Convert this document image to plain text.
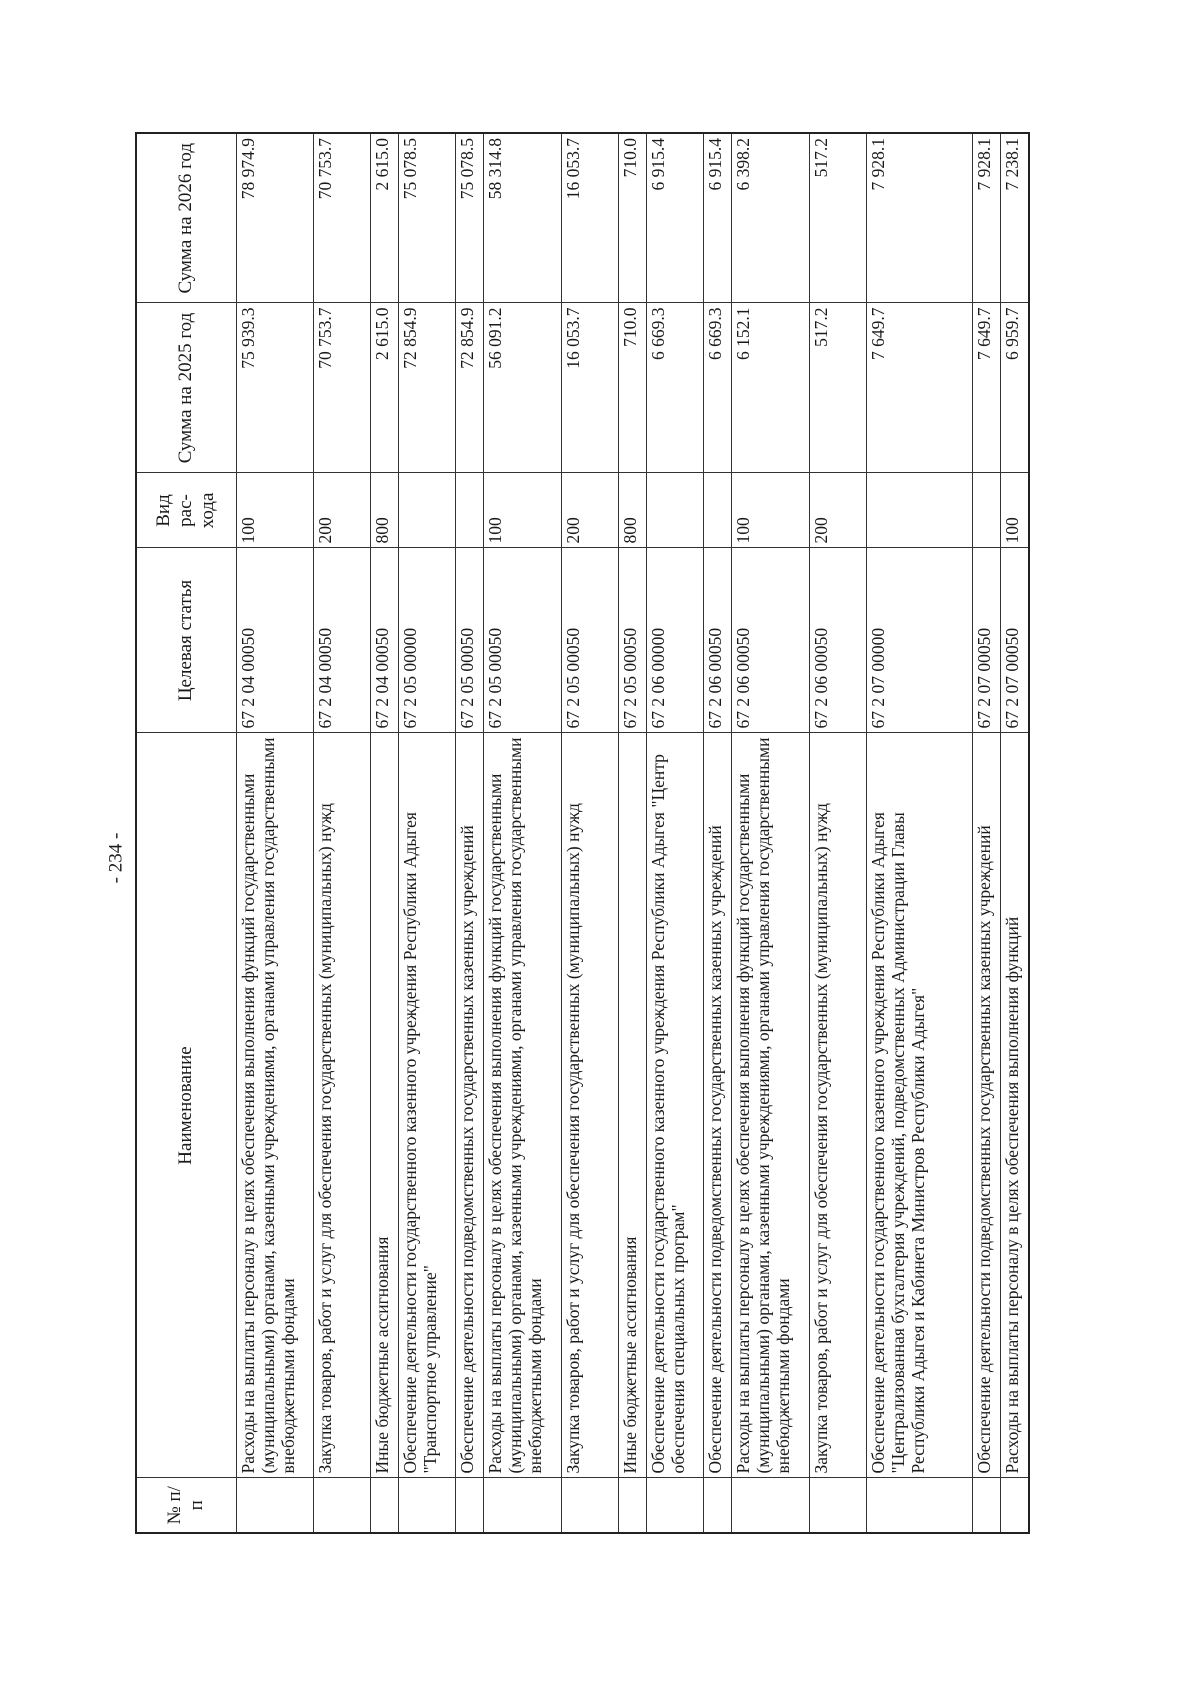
- 234 -
№ п/п	Наименование	Целевая статья	Вид рас-хода	Сумма на 2025 год	Сумма на 2026 год
	Расходы на выплаты персоналу в целях обеспечения выполнения функций государственными (муниципальными) органами, казенными учреждениями, органами управления государственными внебюджетными фондами	67 2 04 00050	100	75 939.3	78 974.9
	Закупка товаров, работ и услуг для обеспечения государственных (муниципальных) нужд	67 2 04 00050	200	70 753.7	70 753.7
	Иные бюджетные ассигнования	67 2 04 00050	800	2 615.0	2 615.0
	Обеспечение деятельности государственного казенного учреждения Республики Адыгея "Транспортное управление"	67 2 05 00000		72 854.9	75 078.5
	Обеспечение деятельности подведомственных государственных казенных учреждений	67 2 05 00050		72 854.9	75 078.5
	Расходы на выплаты персоналу в целях обеспечения выполнения функций государственными (муниципальными) органами, казенными учреждениями, органами управления государственными внебюджетными фондами	67 2 05 00050	100	56 091.2	58 314.8
	Закупка товаров, работ и услуг для обеспечения государственных (муниципальных) нужд	67 2 05 00050	200	16 053.7	16 053.7
	Иные бюджетные ассигнования	67 2 05 00050	800	710.0	710.0
	Обеспечение деятельности государственного казенного учреждения Республики Адыгея "Центр обеспечения специальных програм"	67 2 06 00000		6 669.3	6 915.4
	Обеспечение деятельности подведомственных государственных казенных учреждений	67 2 06 00050		6 669.3	6 915.4
	Расходы на выплаты персоналу в целях обеспечения выполнения функций государственными (муниципальными) органами, казенными учреждениями, органами управления государственными внебюджетными фондами	67 2 06 00050	100	6 152.1	6 398.2
	Закупка товаров, работ и услуг для обеспечения государственных (муниципальных) нужд	67 2 06 00050	200	517.2	517.2
	Обеспечение деятельности государственного казенного учреждения Республики Адыгея "Централизованная бухгалтерия учреждений, подведомственных Администрации Главы Республики Адыгея и Кабинета Министров Республики Адыгея"	67 2 07 00000		7 649.7	7 928.1
	Обеспечение деятельности подведомственных государственных казенных учреждений	67 2 07 00050		7 649.7	7 928.1
	Расходы на выплаты персоналу в целях обеспечения выполнения функций	67 2 07 00050	100	6 959.7	7 238.1
